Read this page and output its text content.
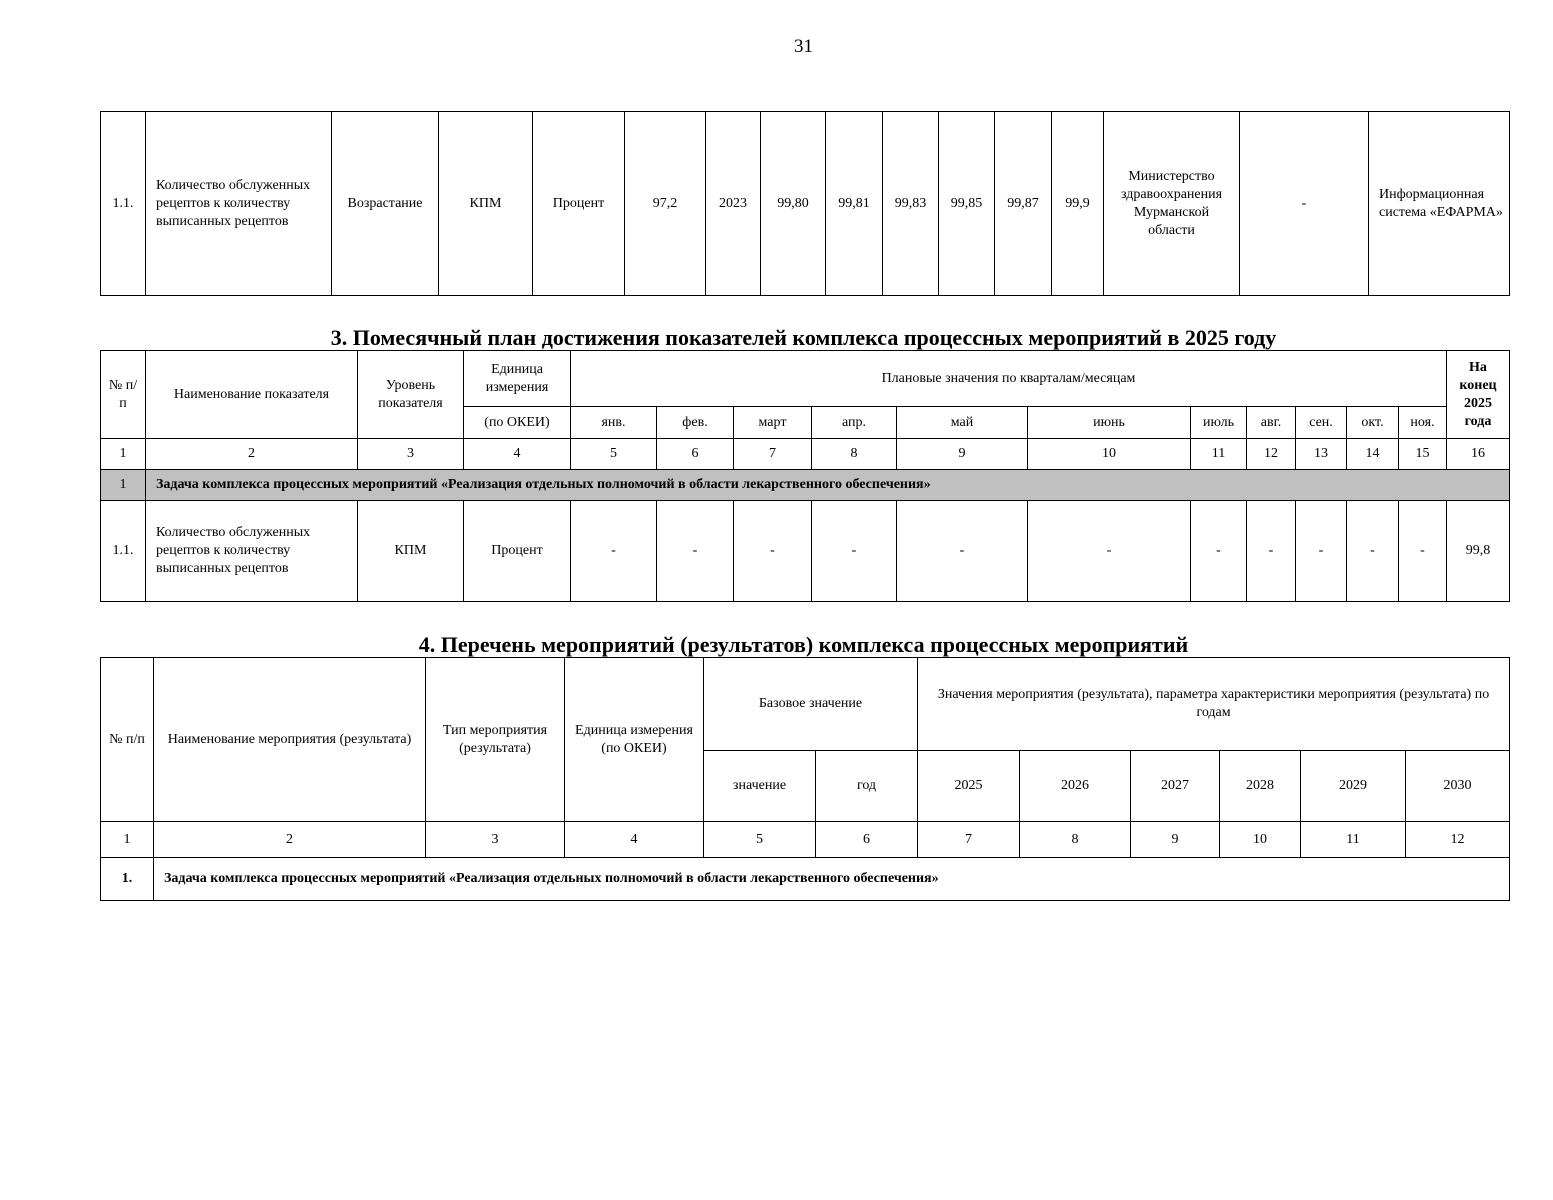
31
1.1.	Количество обслуженных рецептов к количеству выписанных рецептов	Возрастание	КПМ	Процент	97,2	2023	99,80	99,81	99,83	99,85	99,87	99,9	Министерство здравоохранения Мурманской области	-	Информационная система «ЕФАРМА»
3. Помесячный план достижения показателей комплекса процессных мероприятий в 2025 году
№ п/п	Наименование показателя	Уровень показателя	Единица измерения	Плановые значения по кварталам/месяцам											На конец 2025 года
			(по ОКЕИ)	янв.	фев.	март	апр.	май	июнь	июль	авг.	сен.	окт.	ноя.	
1	2	3	4	5	6	7	8	9	10	11	12	13	14	15	16
1	Задача комплекса процессных мероприятий «Реализация отдельных полномочий в области лекарственного обеспечения»														
1.1.	Количество обслуженных рецептов к количеству выписанных рецептов	КПМ	Процент	-	-	-	-	-	-	-	-	-	-	-	99,8
4. Перечень мероприятий (результатов) комплекса процессных мероприятий
№ п/п	Наименование мероприятия (результата)	Тип мероприятия (результата)	Единица измерения (по ОКЕИ)	Базовое значение		Значения мероприятия (результата), параметра характеристики мероприятия (результата) по годам					
				значение	год	2025	2026	2027	2028	2029	2030
1	2	3	4	5	6	7	8	9	10	11	12
1.	Задача комплекса процессных мероприятий «Реализация отдельных полномочий в области лекарственного обеспечения»										
